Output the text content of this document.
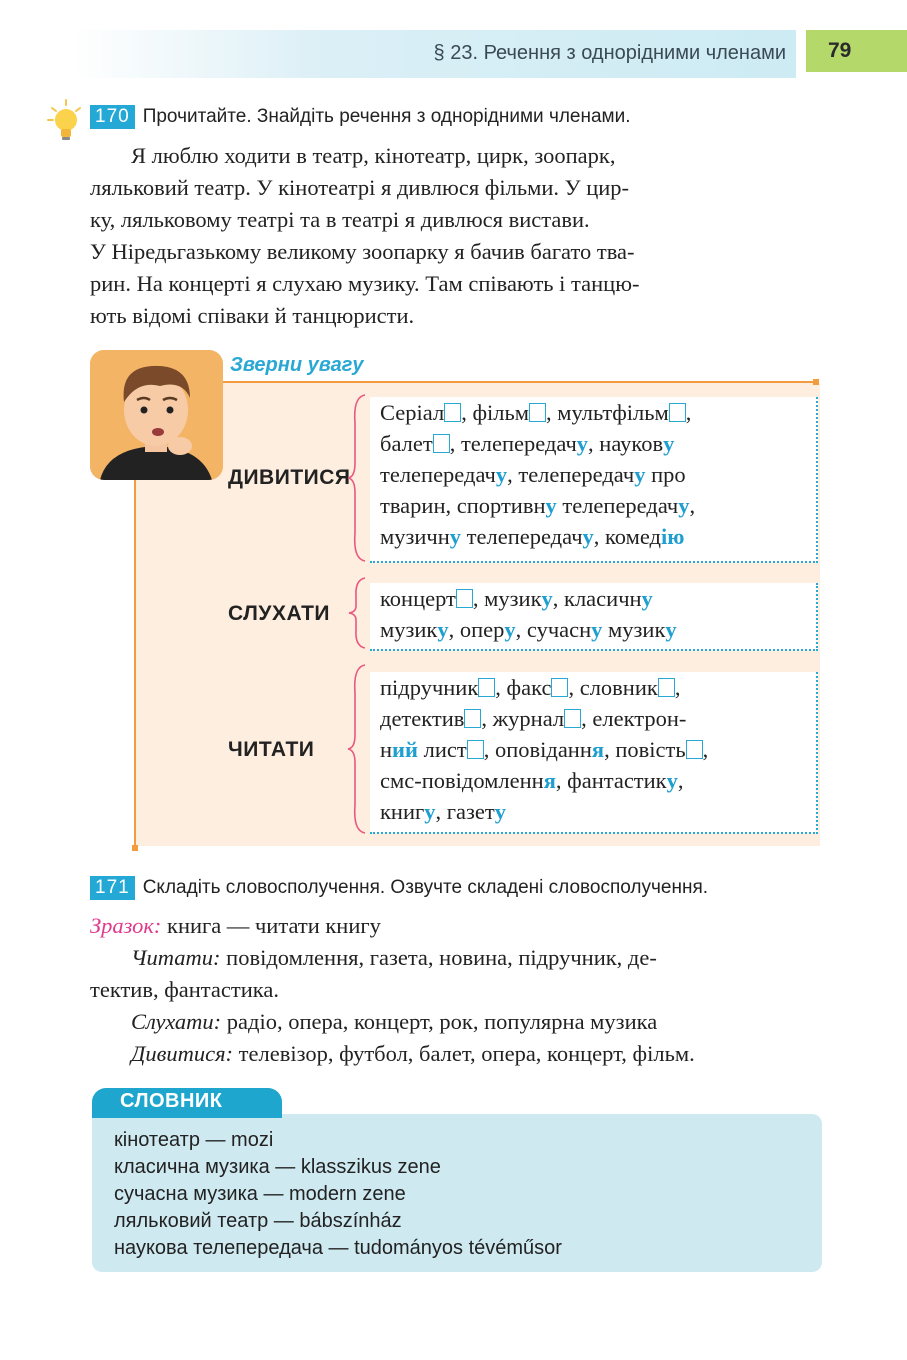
§ 23. Речення з однорідними членами 79
170 Прочитайте. Знайдіть речення з однорідними членами.

Я люблю ходити в театр, кінотеатр, цирк, зоопарк,

ляльковий театр. У кінотеатрі я дивлюся фільми. У цир-

ку, ляльковому театрі та в театрі я дивлюся вистави.

У Нiредьгазькому великому зоопарку я бачив багато тва-

рин. На концерті я слухаю музику. Там співають і танцю-

ють відомі співаки й танцюристи.

Зверни увагу
ДИВИТИСЯ
СЛУХАТИ
ЧИТАТИ
Серіал , фільм , мультфільм ,
балет , телепередачу, наукову
телепередачу, телепередачу про
тварин, спортивну телепередачу,
музичну телепередачу, комедію
концерт , музику, класичну
музику, оперу, сучасну музику
підручник , факс , словник ,
детектив , журнал , електрон-
ний лист , оповідання, повість ,
смс-повідомлення, фантастику,
книгу, газету
171 Складіть словосполучення. Озвучте складені словосполучення.

Зразок: книга — читати книгу

Читати: повідомлення, газета, новина, підручник, де-

тектив, фантастика.

Слухати: радіо, опера, концерт, рок, популярна музика

Дивитися: телевізор, футбол, балет, опера, концерт, фільм.

СЛОВНИК
кінотеатр — mozi
класична музика — klasszikus zene
сучасна музика — modern zene
ляльковий театр — bábszínház
наукова телепередача — tudományos tévéműsor
